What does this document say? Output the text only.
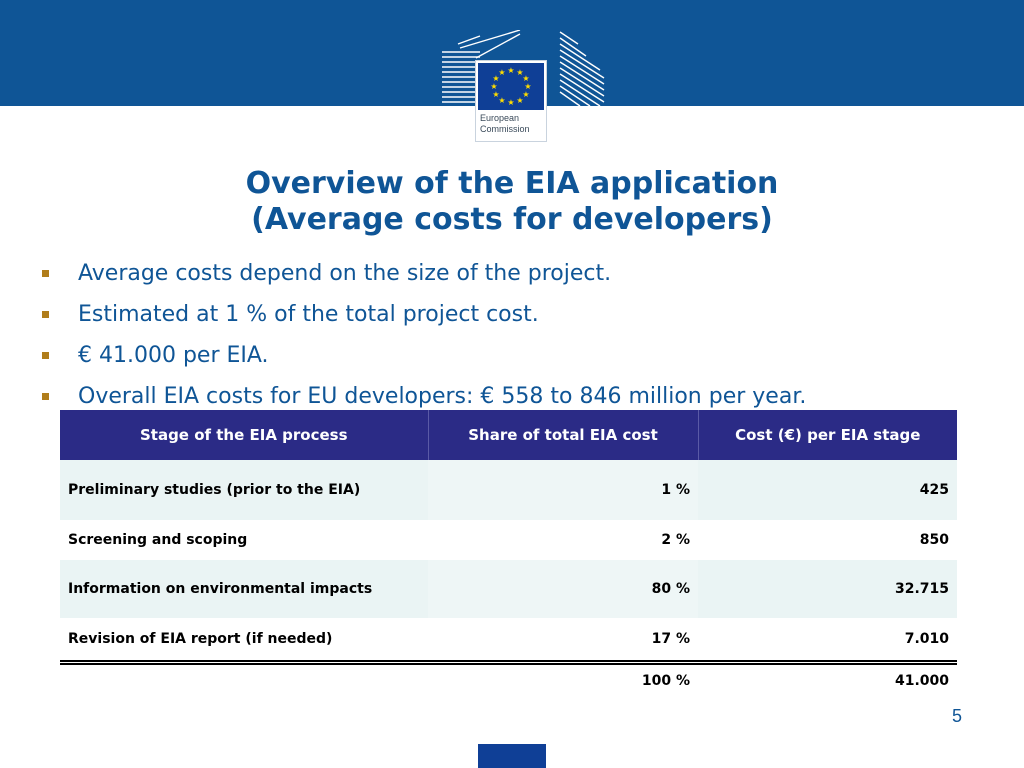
★ ★
★
★
★
★
★
★
★
★
★
★
European
Commission
Overview of the EIA application
(Average costs for developers)
Average costs depend on the size of the project.
Estimated at 1 % of the total project cost.
€ 41.000 per EIA.
Overall EIA costs for EU developers: € 558 to 846 million per year.
Stage of the EIA process	Share of total EIA cost	Cost (€) per EIA stage
Preliminary studies (prior to the EIA)	1 %	425
Screening and scoping	2 %	850
Information on environmental impacts	80 %	32.715
Revision of EIA report (if needed)	17 %	7.010
	100 %	41.000
5
